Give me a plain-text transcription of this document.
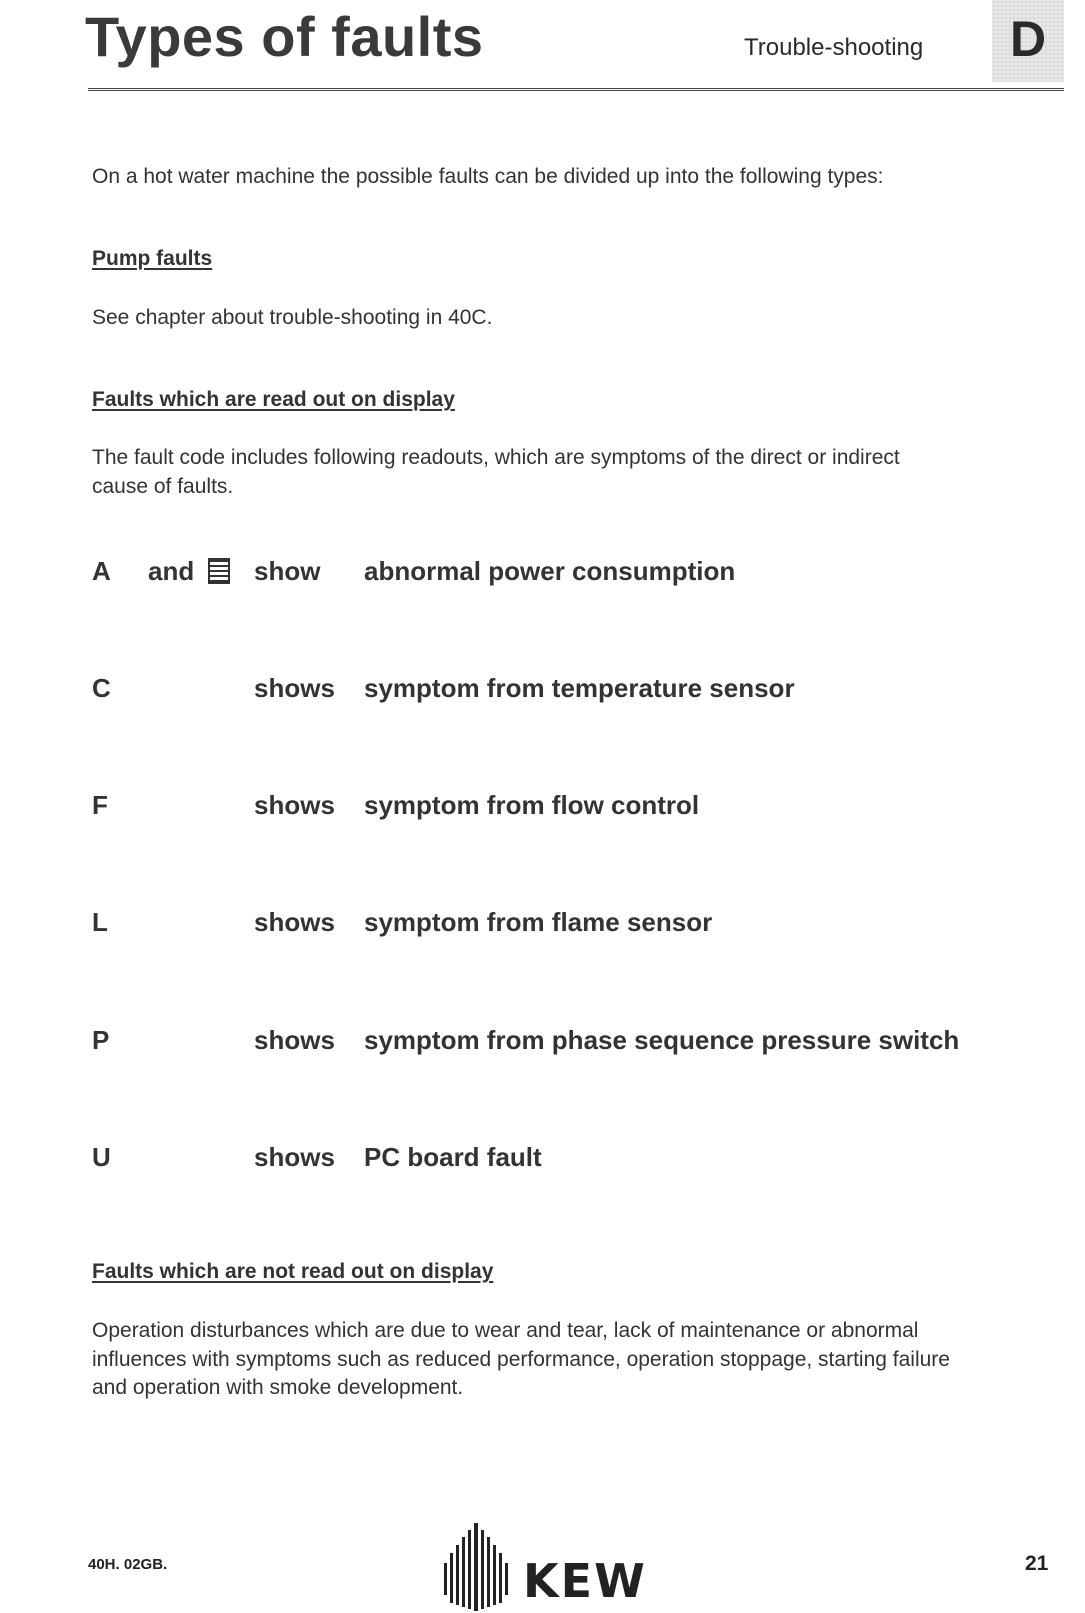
Types of faults	Trouble-shooting	D
On a hot water machine the possible faults can be divided up into the following types:
Pump faults
See chapter about trouble-shooting in 40C.
Faults which are read out on display
The fault code includes following readouts, which are symptoms of the direct or indirect
cause of faults.
A and show abnormal power consumption
C	shows symptom from temperature sensor
F	shows symptom from flow control
L	shows symptom from flame sensor
P	shows symptom from phase sequence pressure switch
U	shows PC board fault
Faults which are not read out on display
Operation disturbances which are due to wear and tear, lack of maintenance or abnormal
influences with symptoms such as reduced performance, operation stoppage, starting failure
and operation with smoke development.
40H. 02GB.	KEW	21
